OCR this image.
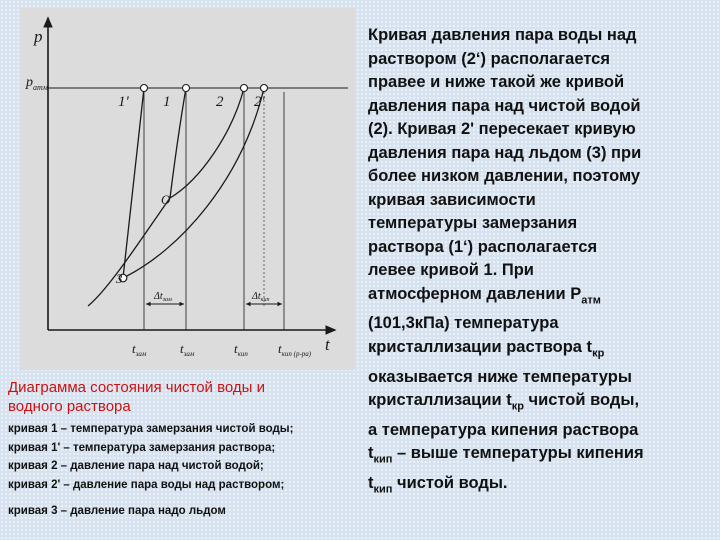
p
t
$p_{атм}$
$\Delta t_{зам}$	$\Delta t_{кип}$
1' 1	2 2'
3
O
$t_{зам}$	$t_{зам}$	$t_{кип}$ $t_{кип (р-ра)}$
Диаграмма состояния чистой воды и
водного раствора
кривая 1 – температура замерзания чистой воды;
кривая 1' – температура замерзания раствора;
кривая 2 – давление пара над чистой водой;
кривая 2' – давление пара воды над раствором;
кривая 3 – давление пара надо льдом
Кривая давления пара воды над
раствором (2‘) располагается
правее и ниже такой же кривой
давления пара над чистой водой
(2). Кривая 2' пересекает кривую
давления пара над льдом (3) при
более низком давлении, поэтому
кривая зависимости
температуры замерзания
раствора (1‘) располагается
левее кривой 1. При
атмосферном давлении $Р_{атм}$
(101,3кПа) температура
кристаллизации раствора $t_{кр}$
оказывается ниже температуры
кристаллизации $t_{кр}$ чистой воды,
а температура кипения раствора
$t_{кип}$ – выше температуры кипения
$t_{кип}$ чистой воды.
